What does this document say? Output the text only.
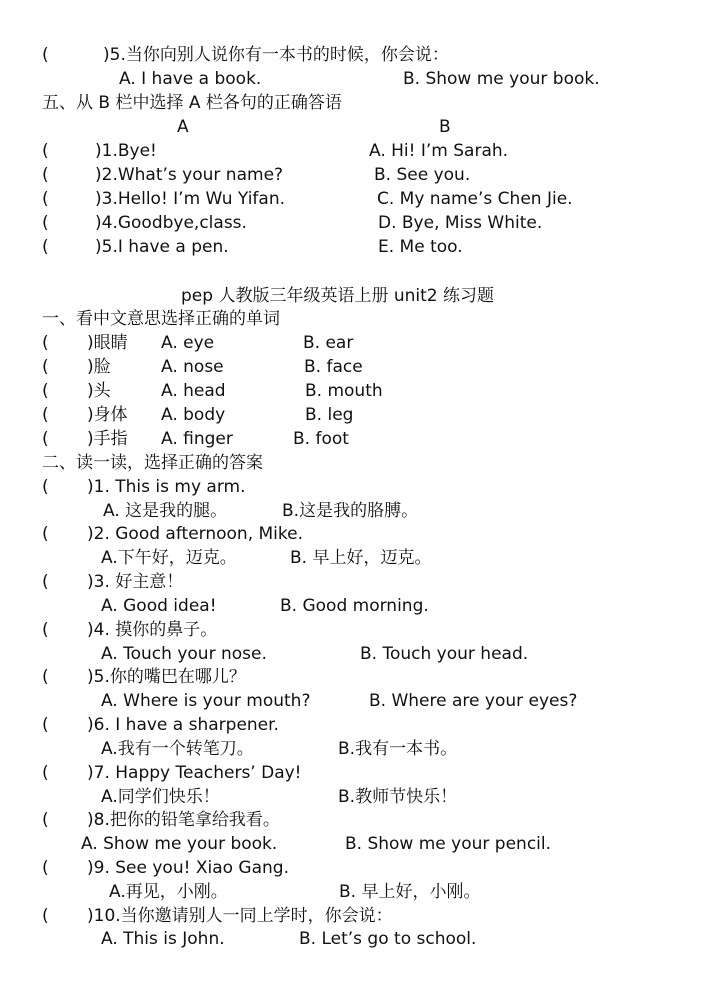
(	)5.当你向别人说你有一本书的时候，你会说：
A. I have a book.	B. Show me your book.
五、从 B 栏中选择 A 栏各句的正确答语
A	B
(	)1.Bye!	A. Hi! I’m Sarah.
(	)2.What’s your name?	B. See you.
(	)3.Hello! I’m Wu Yifan.	C. My name’s Chen Jie.
(	)4.Goodbye,class.	D. Bye, Miss White.
(	)5.I have a pen.	E. Me too.
pep 人教版三年级英语上册 unit2 练习题
一、看中文意思选择正确的单词
( )眼睛 A. eye	B. ear
( )脸	A. nose	B. face
( )头	A. head	B. mouth
( )身体 A. body	B. leg
( )手指 A. finger	B. foot
二、读一读，选择正确的答案
( )1. This is my arm.
A. 这是我的腿。	B.这是我的胳膊。
( )2. Good afternoon, Mike.
A.下午好，迈克。	B. 早上好，迈克。
( )3. 好主意！
A. Good idea!	B. Good morning.
( )4. 摸你的鼻子。
A. Touch your nose.	B. Touch your head.
( )5.你的嘴巴在哪儿？
A. Where is your mouth?	B. Where are your eyes?
( )6. I have a sharpener.
A.我有一个转笔刀。	B.我有一本书。
( )7. Happy Teachers’ Day!
A.同学们快乐！	B.教师节快乐！
( )8.把你的铅笔拿给我看。
A. Show me your book.	B. Show me your pencil.
( )9. See you! Xiao Gang.
A.再见，小刚。	B. 早上好，小刚。
( )10.当你邀请别人一同上学时，你会说：
A. This is John.	B. Let’s go to school.
